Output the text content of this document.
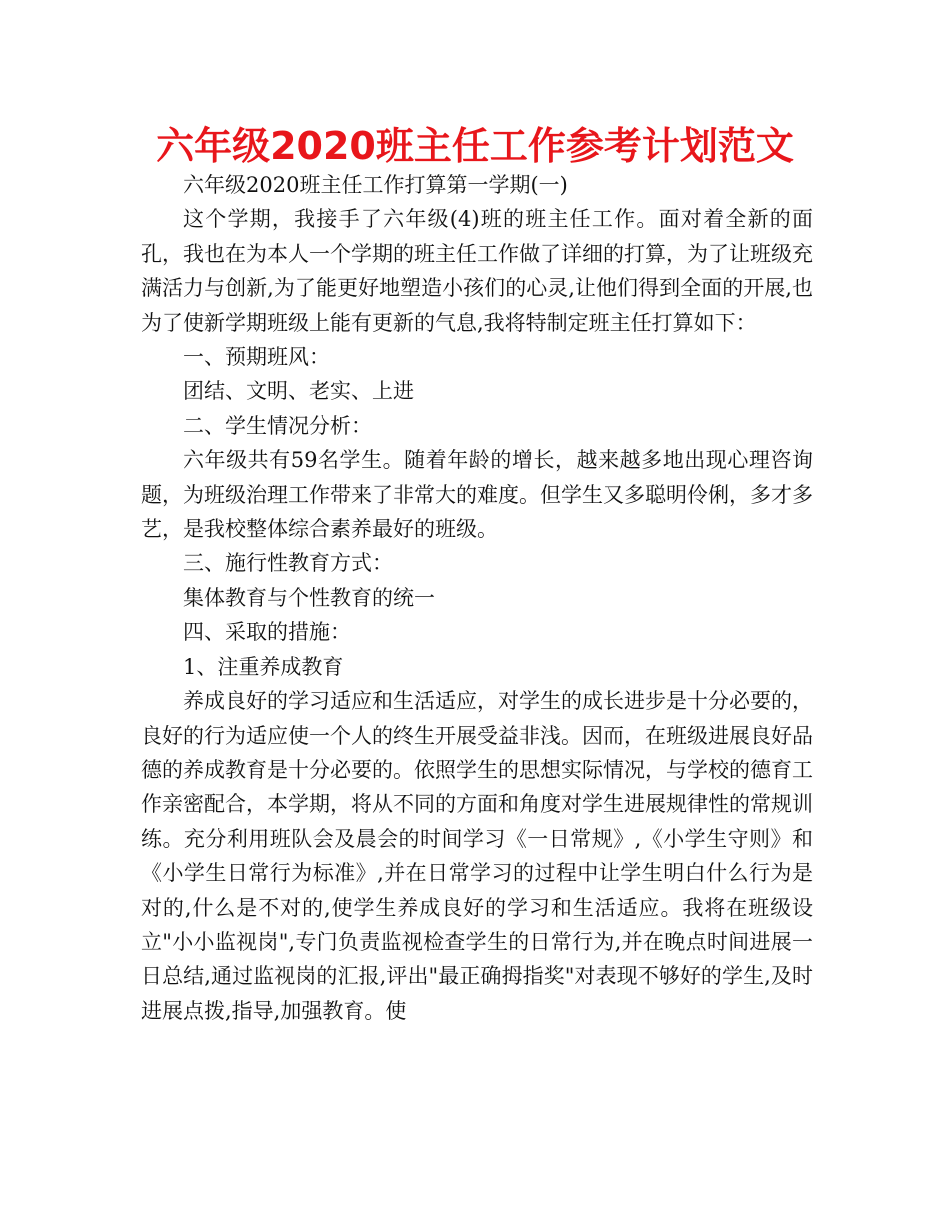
六年级2020班主任工作参考计划范文

六年级2020班主任工作打算第一学期(一)

这个学期，我接手了六年级(4)班的班主任工作。面对着全新的面孔，我也在为本人一个学期的班主任工作做了详细的打算，为了让班级充满活力与创新,为了能更好地塑造小孩们的心灵,让他们得到全面的开展,也为了使新学期班级上能有更新的气息,我将特制定班主任打算如下：

一、预期班风：

团结、文明、老实、上进

二、学生情况分析：

六年级共有59名学生。随着年龄的增长，越来越多地出现心理咨询题，为班级治理工作带来了非常大的难度。但学生又多聪明伶俐，多才多艺，是我校整体综合素养最好的班级。

三、施行性教育方式：

集体教育与个性教育的统一

四、采取的措施：

1、注重养成教育

养成良好的学习适应和生活适应，对学生的成长进步是十分必要的，良好的行为适应使一个人的终生开展受益非浅。因而，在班级进展良好品德的养成教育是十分必要的。依照学生的思想实际情况，与学校的德育工作亲密配合，本学期，将从不同的方面和角度对学生进展规律性的常规训练。充分利用班队会及晨会的时间学习《一日常规》,《小学生守则》和《小学生日常行为标准》,并在日常学习的过程中让学生明白什么行为是对的,什么是不对的,使学生养成良好的学习和生活适应。我将在班级设立"小小监视岗",专门负责监视检查学生的日常行为,并在晚点时间进展一日总结,通过监视岗的汇报,评出"最正确拇指奖"对表现不够好的学生,及时进展点拨,指导,加强教育。使
